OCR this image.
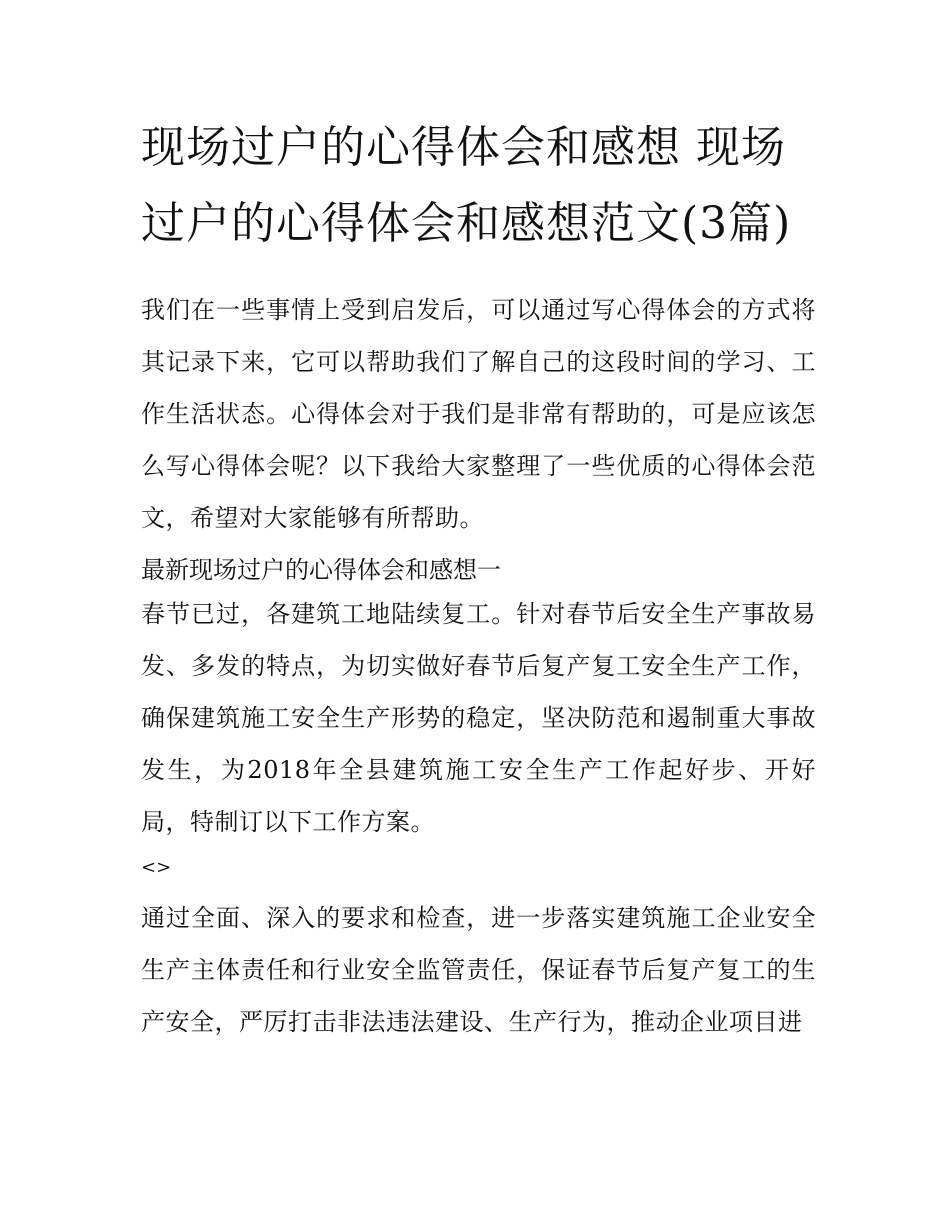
现场过户的心得体会和感想 现场过户的心得体会和感想范文(3篇)

我们在一些事情上受到启发后，可以通过写心得体会的方式将其记录下来，它可以帮助我们了解自己的这段时间的学习、工作生活状态。心得体会对于我们是非常有帮助的，可是应该怎么写心得体会呢？以下我给大家整理了一些优质的心得体会范文，希望对大家能够有所帮助。

最新现场过户的心得体会和感想一

春节已过，各建筑工地陆续复工。针对春节后安全生产事故易发、多发的特点，为切实做好春节后复产复工安全生产工作，确保建筑施工安全生产形势的稳定，坚决防范和遏制重大事故发生，为2018年全县建筑施工安全生产工作起好步、开好局，特制订以下工作方案。

<>

通过全面、深入的要求和检查，进一步落实建筑施工企业安全生产主体责任和行业安全监管责任，保证春节后复产复工的生产安全，严厉打击非法违法建设、生产行为，推动企业项目进
